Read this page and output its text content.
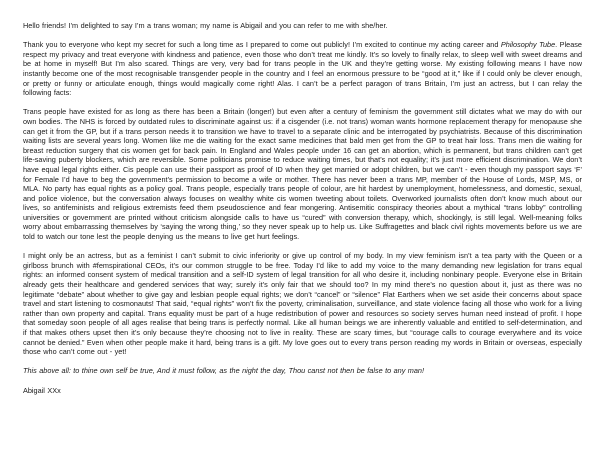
Hello friends! I’m delighted to say I’m a trans woman; my name is Abigail and you can refer to me with she/her.

Thank you to everyone who kept my secret for such a long time as I prepared to come out publicly! I’m excited to continue my acting career and Philosophy Tube. Please respect my privacy and treat everyone with kindness and patience, even those who don’t treat me kindly. It’s so lovely to finally relax, to sleep well with sweet dreams and be at home in myself! But I’m also scared. Things are very, very bad for trans people in the UK and they’re getting worse. My existing following means I have now instantly become one of the most recognisable transgender people in the country and I feel an enormous pressure to be “good at it,” like if I could only be clever enough, or pretty or funny or articulate enough, things would magically come right! Alas. I can’t be a perfect paragon of trans Britain, I’m just an actress, but I can relay the following facts:

Trans people have existed for as long as there has been a Britain (longer!) but even after a century of feminism the government still dictates what we may do with our own bodies. The NHS is forced by outdated rules to discriminate against us: if a cisgender (i.e. not trans) woman wants hormone replacement therapy for menopause she can get it from the GP, but if a trans person needs it to transition we have to travel to a separate clinic and be interrogated by psychiatrists. Because of this discrimination waiting lists are several years long. Women like me die waiting for the exact same medicines that bald men get from the GP to treat hair loss. Trans men die waiting for breast reduction surgery that cis women get for back pain. In England and Wales people under 16 can get an abortion, which is permanent, but trans children can’t get life-saving puberty blockers, which are reversible. Some politicians promise to reduce waiting times, but that’s not equality; it’s just more efficient discrimination. We don’t have equal legal rights either. Cis people can use their passport as proof of ID when they get married or adopt children, but we can’t - even though my passport says ‘F’ for Female I’d have to beg the government’s permission to become a wife or mother. There has never been a trans MP, member of the House of Lords, MSP, MS, or MLA. No party has equal rights as a policy goal. Trans people, especially trans people of colour, are hit hardest by unemployment, homelessness, and domestic, sexual, and police violence, but the conversation always focuses on wealthy white cis women tweeting about toilets. Overworked journalists often don’t know much about our lives, so antifeminists and religious extremists feed them pseudoscience and fear mongering. Antisemitic conspiracy theories about a mythical “trans lobby” controlling universities or government are printed without criticism alongside calls to have us “cured” with conversion therapy, which, shockingly, is still legal. Well-meaning folks worry about embarrassing themselves by ‘saying the wrong thing,’ so they never speak up to help us. Like Suffragettes and black civil rights movements before us we are told to watch our tone lest the people denying us the means to live get hurt feelings.

I might only be an actress, but as a feminist I can’t submit to civic inferiority or give up control of my body. In my view feminism isn’t a tea party with the Queen or a girlboss brunch with #femspirational CEOs, it’s our common struggle to be free. Today I’d like to add my voice to the many demanding new legislation for trans equal rights: an informed consent system of medical transition and a self-ID system of legal transition for all who desire it, including nonbinary people. Everyone else in Britain already gets their healthcare and gendered services that way; surely it’s only fair that we should too? In my mind there’s no question about it, just as there was no legitimate “debate” about whether to give gay and lesbian people equal rights; we don’t “cancel” or “silence” Flat Earthers when we set aside their concerns about space travel and start listening to cosmonauts! That said, “equal rights” won’t fix the poverty, criminalisation, surveillance, and state violence facing all those who work for a living rather than own property and capital. Trans equality must be part of a huge redistribution of power and resources so society serves human need instead of profit. I hope that someday soon people of all ages realise that being trans is perfectly normal. Like all human beings we are inherently valuable and entitled to self-determination, and if that makes others upset then it’s only because they’re choosing not to live in reality. These are scary times, but “courage calls to courage everywhere and its voice cannot be denied.” Even when other people make it hard, being trans is a gift. My love goes out to every trans person reading my words in Britain or overseas, especially those who can’t come out - yet!

This above all: to thine own self be true, And it must follow, as the night the day, Thou canst not then be false to any man!

Abigail XXx
